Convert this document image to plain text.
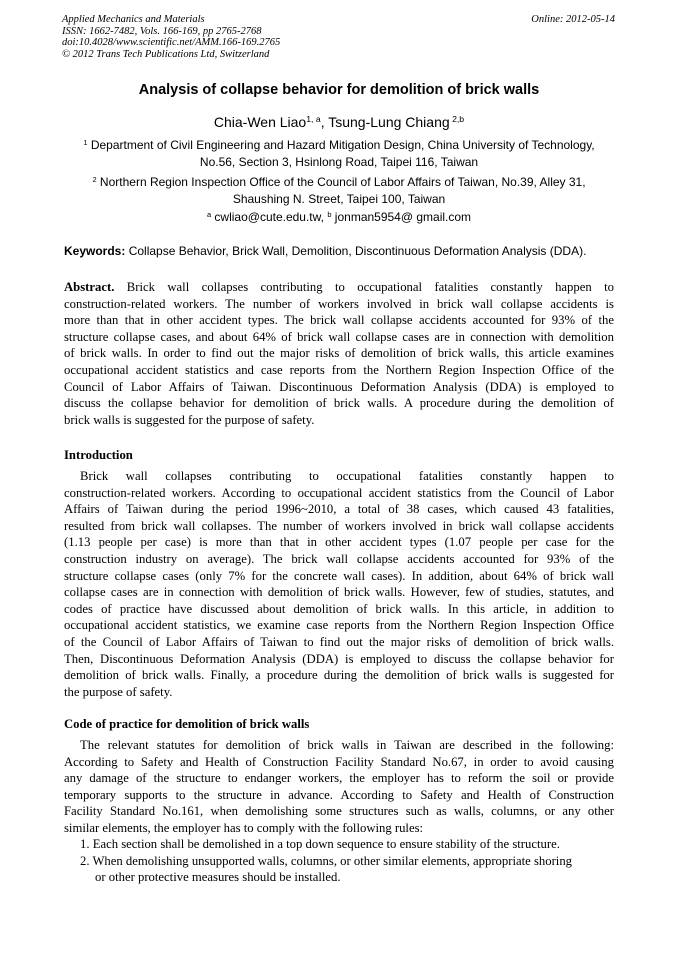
Applied Mechanics and Materials
ISSN: 1662-7482, Vols. 166-169, pp 2765-2768
doi:10.4028/www.scientific.net/AMM.166-169.2765
© 2012 Trans Tech Publications Ltd, Switzerland
Online: 2012-05-14
Analysis of collapse behavior for demolition of brick walls
Chia-Wen Liao$^{1, a}$, Tsung-Lung Chiang $^{2,b}$
$^1$ Department of Civil Engineering and Hazard Mitigation Design, China University of Technology,
No.56, Section 3, Hsinlong Road, Taipei 116, Taiwan
$^2$ Northern Region Inspection Office of the Council of Labor Affairs of Taiwan, No.39, Alley 31,
Shaushing N. Street, Taipei 100, Taiwan
$^a$ cwliao@cute.edu.tw, $^b$ jonman5954@ gmail.com
Keywords: Collapse Behavior, Brick Wall, Demolition, Discontinuous Deformation Analysis (DDA).
Abstract. Brick wall collapses contributing to occupational fatalities constantly happen to
construction-related workers. The number of workers involved in brick wall collapse accidents is
more than that in other accident types. The brick wall collapse accidents accounted for 93% of the
structure collapse cases, and about 64% of brick wall collapse cases are in connection with demolition
of brick walls. In order to find out the major risks of demolition of brick walls, this article examines
occupational accident statistics and case reports from the Northern Region Inspection Office of the
Council of Labor Affairs of Taiwan. Discontinuous Deformation Analysis (DDA) is employed to
discuss the collapse behavior for demolition of brick walls. A procedure during the demolition of
brick walls is suggested for the purpose of safety.
Introduction
Brick wall collapses contributing to occupational fatalities constantly happen to
construction-related workers. According to occupational accident statistics from the Council of Labor
Affairs of Taiwan during the period 1996~2010, a total of 38 cases, which caused 43 fatalities,
resulted from brick wall collapses. The number of workers involved in brick wall collapse accidents
(1.13 people per case) is more than that in other accident types (1.07 people per case for the
construction industry on average). The brick wall collapse accidents accounted for 93% of the
structure collapse cases (only 7% for the concrete wall cases). In addition, about 64% of brick wall
collapse cases are in connection with demolition of brick walls. However, few of studies, statutes, and
codes of practice have discussed about demolition of brick walls. In this article, in addition to
occupational accident statistics, we examine case reports from the Northern Region Inspection Office
of the Council of Labor Affairs of Taiwan to find out the major risks of demolition of brick walls.
Then, Discontinuous Deformation Analysis (DDA) is employed to discuss the collapse behavior for
demolition of brick walls. Finally, a procedure during the demolition of brick walls is suggested for
the purpose of safety.
Code of practice for demolition of brick walls
The relevant statutes for demolition of brick walls in Taiwan are described in the following:
According to Safety and Health of Construction Facility Standard No.67, in order to avoid causing
any damage of the structure to endanger workers, the employer has to reform the soil or provide
temporary supports to the structure in advance. According to Safety and Health of Construction
Facility Standard No.161, when demolishing some structures such as walls, columns, or any other
similar elements, the employer has to comply with the following rules:
1. Each section shall be demolished in a top down sequence to ensure stability of the structure.
2. When demolishing unsupported walls, columns, or other similar elements, appropriate shoring
or other protective measures should be installed.
